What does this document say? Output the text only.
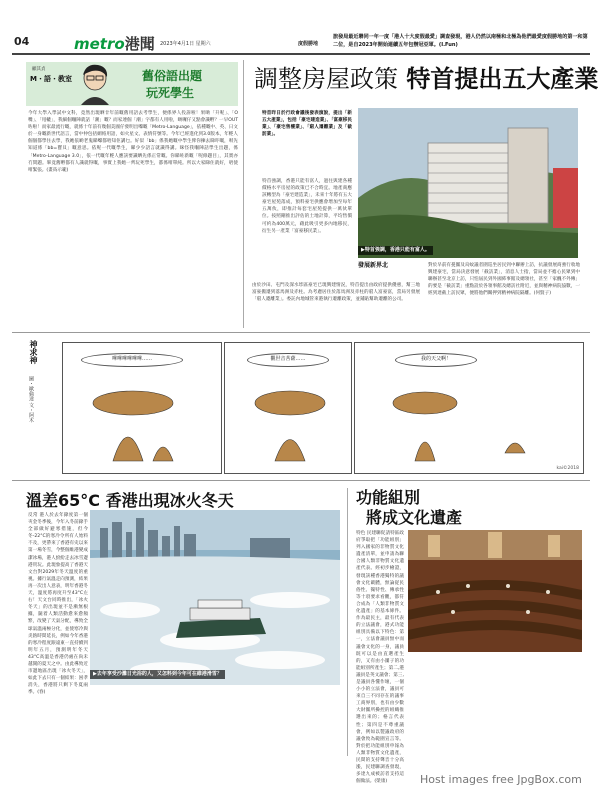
04	metro港聞 2023年4月1日 星期六	度假勝地
旅發局最近聯同一年一度「港人十大度假最愛」調查發現，港人仍然以南極和北極為他們最愛度假勝地的第一和第二位，是自2023年開始連續五年包辦冠亞軍。(I.Fun)
顧其貞
M・語・教室	舊俗語出題
玩死學生
今年大學入學試中文科，竟然出現晒廿年前嘅舊用語去考學生，便係界人投訴啦！果啲「升呢」、「O嘴」、「甩轆」，我細個嗰陣就話「潮」嘅？而家連個「潮」字都有人用啦，啲囉仔又點會識嘢？一早OUT咗啦！而家最流行嘅，就係十年前有幾個美國仔發明出嚟嘅「Metro-Language」，依種嘅中、英、日文於一身嘅新世代語言，當中仲包括網絡用語，如火星文、表情符號等。今年已經進化到3.0版本，年輕人個個都學住去學，我她依啲老鬼睇嚟都唔知佢講乜。好似「bb」係我她嘅中學生俾你揀去睇吓嘅，咁先知道係「bb=寶貝」嘅意思。依呢一代嘅學生，睇少少語言就識得講。咪怪我嗰陣話學生出題，係「Metro-Language 3.0」，依一代嘅年輕人應該要識晒先係正常嘅。你睇咗新嘅「呢條題目」，其實亦冇問題。畢竟舊嘢都有人識就得嘅，事實上我她一齊玩死學生，都係咁單純。所以大家睇住就好，唔使咁緊張。(畫爲示範)
調整房屋政策 特首提出五大產業
特首昨日於行政會議後發表演說，提出「新五大產業」，包括「豪宅建造業」、「富豪移民業」、「豪宅售樓業」、「窮人遷離業」及「截訪業」。
特首強調，香港只能有富人，過往與建各種價格水平房屋的政策已不合時宜。地產商應該轉型為「豪宅建造業」，未來十年將有五大豪宅屋苑落成，預料豪宅供應會增加至每年五萬伙，即推計每套宅屋苑提供一萬伙單位。按照剛推出評估的土地計算，平均售價可約為400萬元，藉此吸引更多內地移民，衍生另一產業「富豪移民業」。
▶特首強調，香港只能有富人。
發展新界北
由於沙田、屯門及深水埗區豪宅已現興建情況，特首提出由政府提供優惠，幫三地富豪搬遷到落馬洲及赤柱。為考慮居住於落馬洲及赤柱的窮人富豪富，當局另發展「窮人遷離業」。委託內地城管來港執行遷離政策，並鋪貼幫助遷離的公司。
對於早前有憂團及烏蚊議者圍巡坐居民到中聯辦上訪，抗議發展商強行收地興建豪宅，當局決意發展「截訪業」，消息人士指，當局並不擔心民眾到中聯辦甚至北京上訪，只怕屆民到外國佈事館及總領社，甚至「家醜不外傳」的要是「截訪業」重點設於各領事館及總訪社附近，並與精神病院協數，一經到達截上訪民眾，便將他們關押到精神病院隔離。(何賢子)
神求神
圖・歐倫達 文・阿木
嘩嘩嘩嘩嘩嘩……	觀世音菩薩……	我的天父啊！
kai©2018
溫差65°C 香港出現冰火冬天
▶去年享受沙灘日光浴的人，又怎料到今年可在維港滑雪？
反常 港人於去年錄度第一個夾金冬季後，今年入冬前錄手全部做好避寒措施，但今冬-22°C的寒冷令所有人始料不及，更帶來了香港有史以來第一場冬雪，今整個維港變成潔冰場，港人紛紛走去冰雪邊港買玩。此現象提高了香港天文台對2029年冬天溫度的重視。據行氣溫走向預測，結果再一次出人意表，明年香港冬天，溫度將再度升至43°C左右！天文台同時推出，「冰火冬天」的出現並不是漸無根據，隨着人類活動愈來愈頻繁，改變了天氣分配，導致全球氣溫兩極分化，並使寒冷與炎熱時間延長，例如今年香港的寒冷程度跟遠東一直持續到明年五月，預測明年冬天43°C高溫是香港仍處在尚未越開的夏天之中。由此導致近市邊地區出現「冰火冬天」，如此下去只有一個結果：困孝消失，香港將只剩下冬夏兩季。(春)
功能組別
將成文化遺產
特色 民建聯促請特區政府爭取把「功能組別」列入國家的非物質文化遺產清單，並申請為聯合國人類非物質文化遺產代表。經初步檢證，發現該種香港獨特的議會文化載體，無論從民俗性、獨特性、傳承性等十項要求看觀，都符合成為「人類非物質文化遺產」的基本條件。作為最民主，最有代表的立法議會，港式功能組別具備以下特色：第一，立法會議員無中而議會文化的一身，議員既可以是由直選產生的，又有由小團子的功能組別所產生；第二,港議員是英文議會；第三,是議員各懂作壞，一個小小的立法會，議員可來自三不同存在的議事工商界別，也有由少數大財團所操控的組織推選出來的；格言代表性；第四是不尊重議會，例如以製議政府的議會致為範圍宣言等。對於把功能組別申報為人類非物質文化遺產，民間的支持聲音十分高漲，民建聯調查發現，多達九成被訪者支持這個做法。(榮康)	Host images free JpgBox.com
